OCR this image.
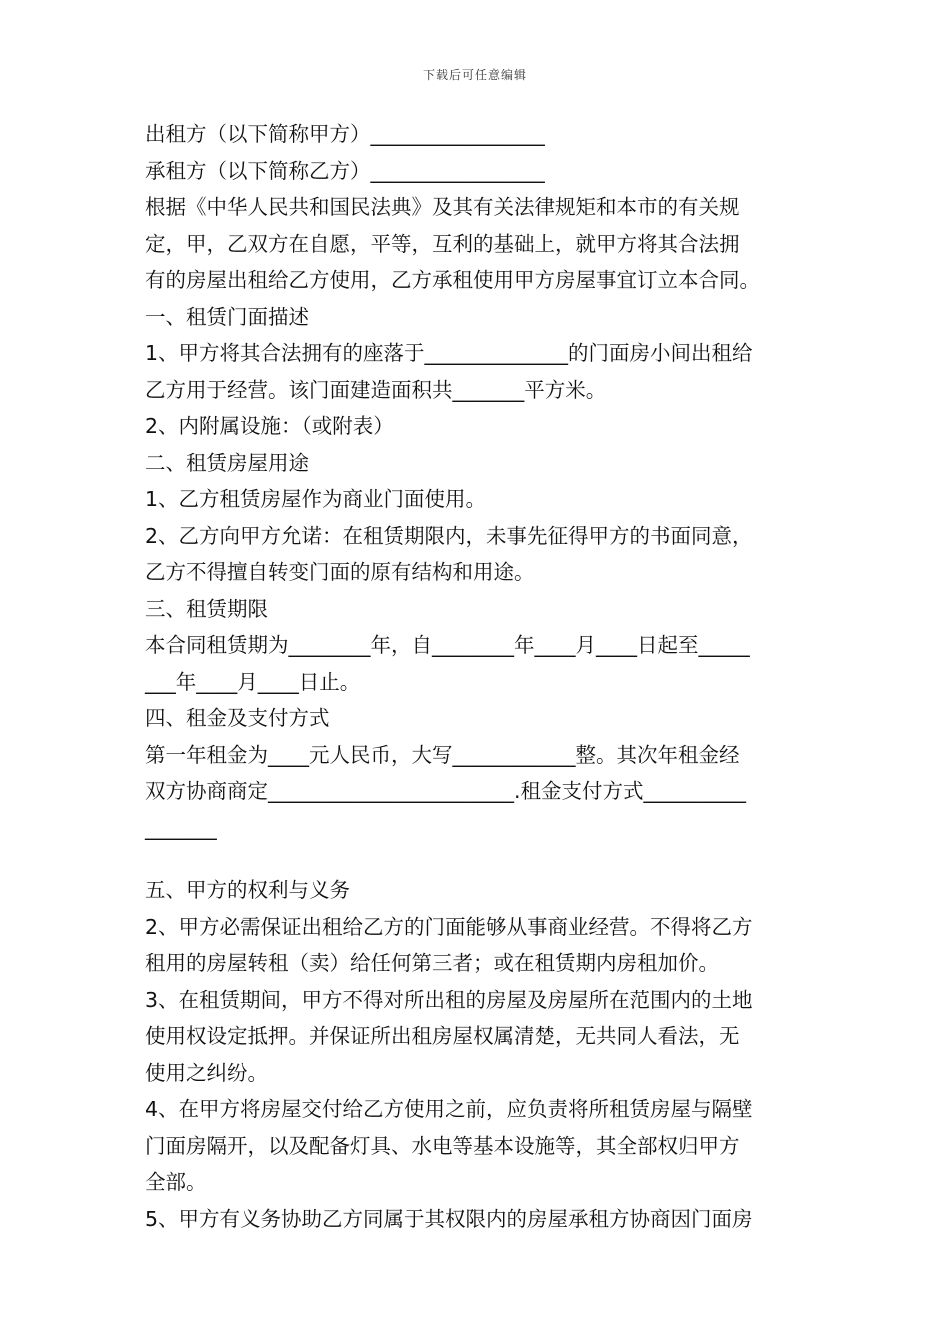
下载后可任意编辑
出租方（以下简称甲方）_________________
承租方（以下简称乙方）_________________
根据《中华人民共和国民法典》及其有关法律规矩和本市的有关规
定，甲，乙双方在自愿，平等，互利的基础上，就甲方将其合法拥
有的房屋出租给乙方使用，乙方承租使用甲方房屋事宜订立本合同。
一、租赁门面描述
1、甲方将其合法拥有的座落于______________的门面房小间出租给
乙方用于经营。该门面建造面积共_______平方米。
2、内附属设施：（或附表）
二、租赁房屋用途
1、乙方租赁房屋作为商业门面使用。
2、乙方向甲方允诺：在租赁期限内，未事先征得甲方的书面同意，
乙方不得擅自转变门面的原有结构和用途。
三、租赁期限
本合同租赁期为________年，自________年____月____日起至_____
___年____月____日止。
四、租金及支付方式
第一年租金为____元人民币，大写____________整。其次年租金经
双方协商商定________________________.租金支付方式__________
_______
五、甲方的权利与义务
2、甲方必需保证出租给乙方的门面能够从事商业经营。不得将乙方
租用的房屋转租（卖）给任何第三者；或在租赁期内房租加价。
3、在租赁期间，甲方不得对所出租的房屋及房屋所在范围内的土地
使用权设定抵押。并保证所出租房屋权属清楚，无共同人看法，无
使用之纠纷。
4、在甲方将房屋交付给乙方使用之前，应负责将所租赁房屋与隔壁
门面房隔开，以及配备灯具、水电等基本设施等，其全部权归甲方
全部。
5、甲方有义务协助乙方同属于其权限内的房屋承租方协商因门面房
